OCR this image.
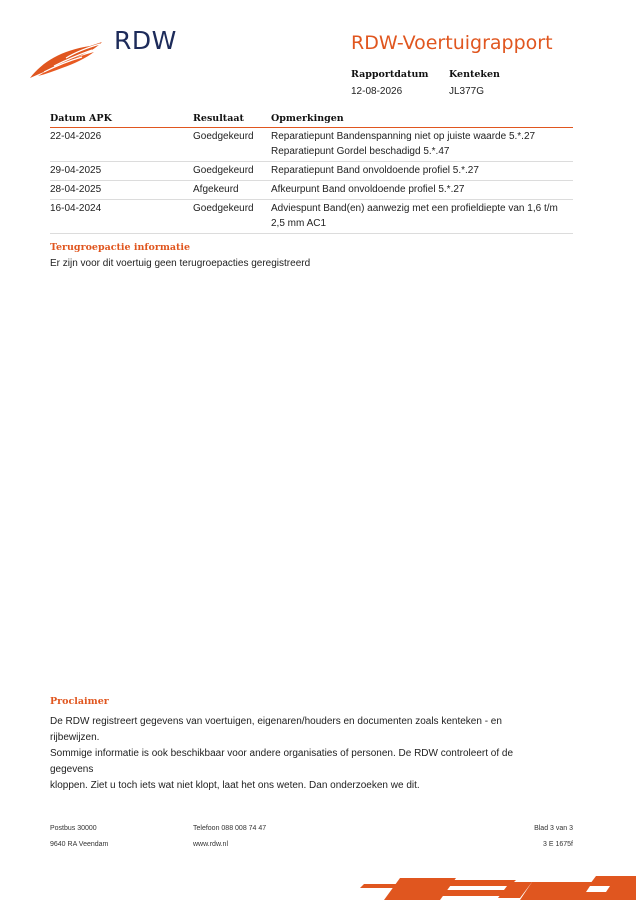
RDW	RDW-Voertuigrapport
Rapportdatum
12-08-2026
Kenteken
JL377G
Datum APK	Resultaat	Opmerkingen
22-04-2026	Goedgekeurd	Reparatiepunt Bandenspanning niet op juiste waarde 5.*.27
Reparatiepunt Gordel beschadigd 5.*.47
29-04-2025	Goedgekeurd	Reparatiepunt Band onvoldoende profiel 5.*.27
28-04-2025	Afgekeurd	Afkeurpunt Band onvoldoende profiel 5.*.27
16-04-2024	Goedgekeurd	Adviespunt Band(en) aanwezig met een profieldiepte van 1,6 t/m
2,5 mm AC1
Terugroepactie informatie
Er zijn voor dit voertuig geen terugroepacties geregistreerd
Proclaimer
De RDW registreert gegevens van voertuigen, eigenaren/houders en documenten zoals kenteken - en rijbewijzen.
Sommige informatie is ook beschikbaar voor andere organisaties of personen. De RDW controleert of de gegevens
kloppen. Ziet u toch iets wat niet klopt, laat het ons weten. Dan onderzoeken we dit.
Postbus 30000
9640 RA Veendam
Telefoon 088 008 74 47
www.rdw.nl
Blad 3 van 3
3 E 1675f
